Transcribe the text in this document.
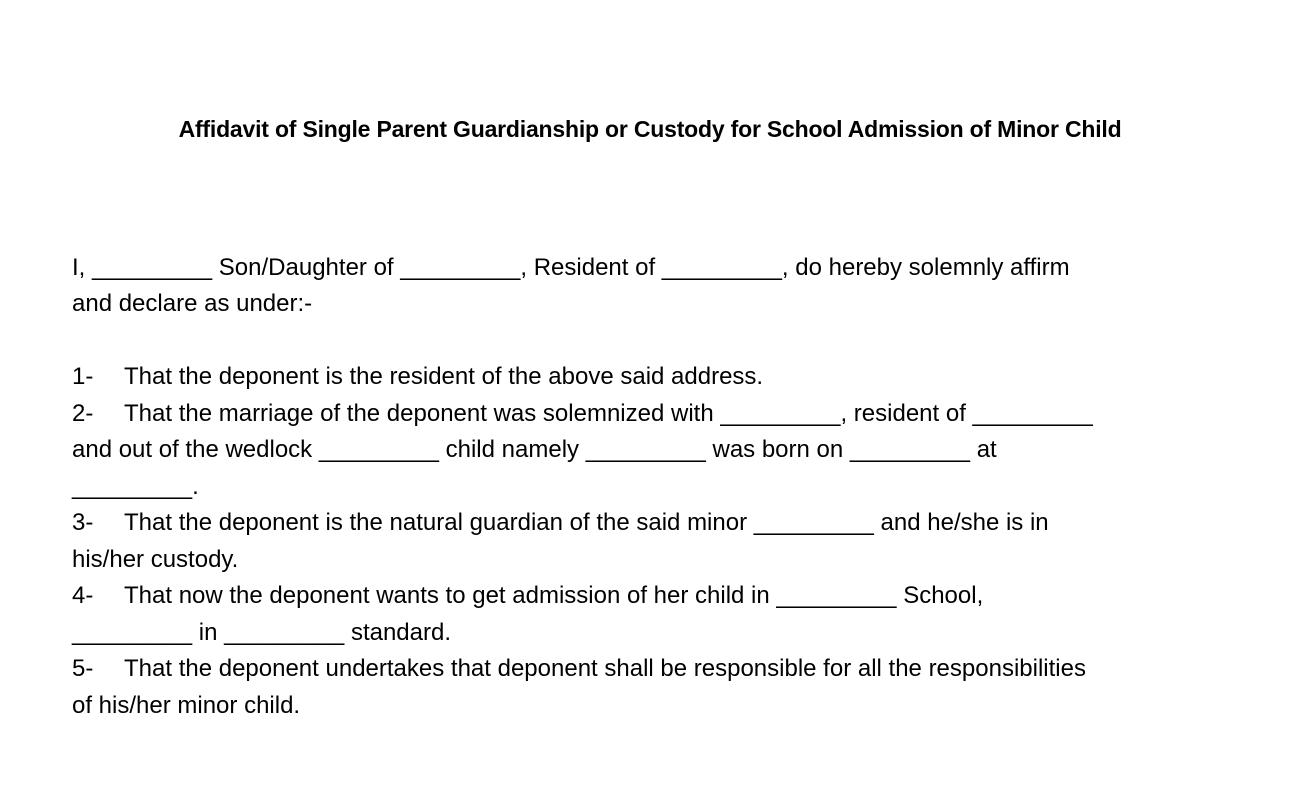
Affidavit of Single Parent Guardianship or Custody for School Admission of Minor Child
I, _________ Son/Daughter of _________, Resident of _________, do hereby solemnly affirm
and declare as under:-
1- That the deponent is the resident of the above said address.
2- That the marriage of the deponent was solemnized with _________, resident of _________
and out of the wedlock _________ child namely _________ was born on _________ at
_________.
3- That the deponent is the natural guardian of the said minor _________ and he/she is in
his/her custody.
4- That now the deponent wants to get admission of her child in _________ School,
_________ in _________ standard.
5- That the deponent undertakes that deponent shall be responsible for all the responsibilities
of his/her minor child.
